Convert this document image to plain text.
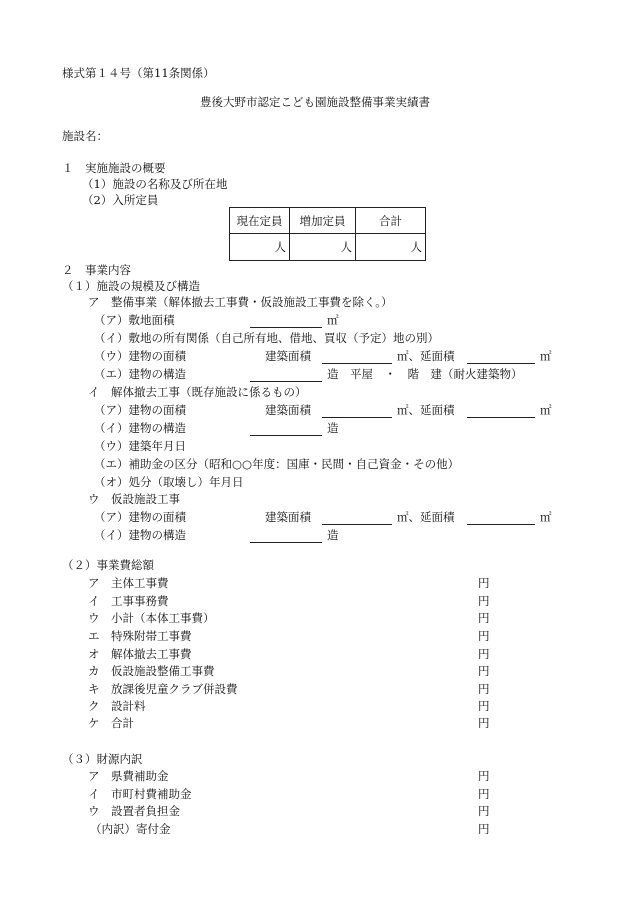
様式第１４号（第11条関係）
豊後大野市認定こども園施設整備事業実績書
施設名：
１　実施施設の概要
（1）施設の名称及び所在地
（2）入所定員
現在定員	増加定員	合計
人	人	人
２　事業内容
（１）施設の規模及び構造
ア　整備事業（解体撤去工事費・仮設施設工事費を除く。）
（ア）敷地面積	㎡
（イ）敷地の所有関係（自己所有地、借地、買収（予定）地の別）
（ウ）建物の面積	建築面積	㎡、延面積	㎡
（エ）建物の構造	造　平屋　・　階　建（耐火建築物）
イ　解体撤去工事（既存施設に係るもの）
（ア）建物の面積	建築面積	㎡、延面積	㎡
（イ）建物の構造	造
（ウ）建築年月日
（エ）補助金の区分（昭和○○年度：国庫・民間・自己資金・その他）
（オ）処分（取壊し）年月日
ウ　仮設施設工事
（ア）建物の面積	建築面積	㎡、延面積	㎡
（イ）建物の構造	造
（２）事業費総額
ア　主体工事費	円
イ　工事事務費	円
ウ　小計（本体工事費）	円
エ　特殊附帯工事費	円
オ　解体撤去工事費	円
カ　仮設施設整備工事費	円
キ　放課後児童クラブ併設費	円
ク　設計料	円
ケ　合計	円
（３）財源内訳
ア　県費補助金	円
イ　市町村費補助金	円
ウ　設置者負担金	円
（内訳）寄付金	円
